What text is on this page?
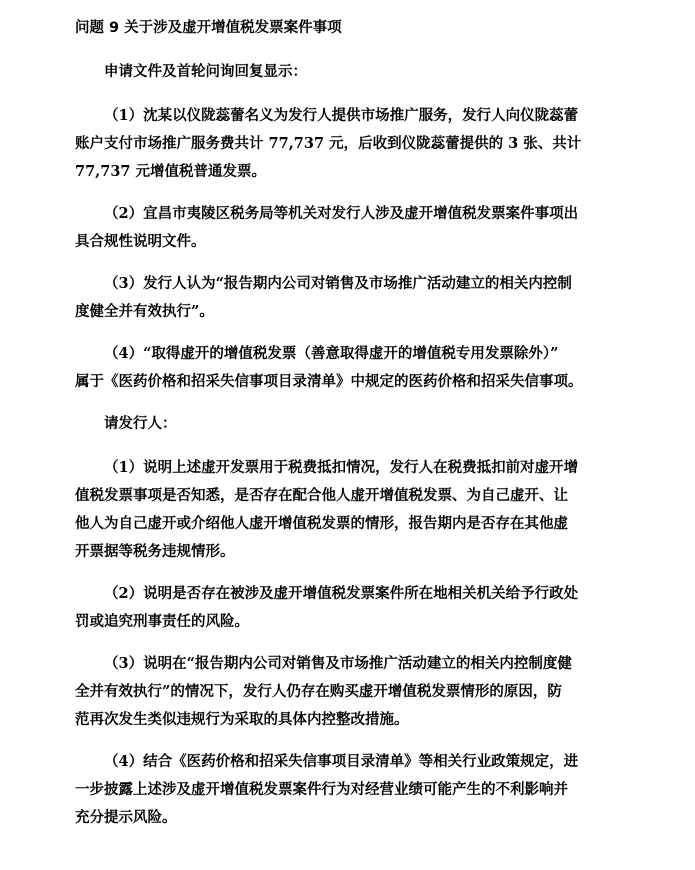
问题 9 关于涉及虚开增值税发票案件事项
申请文件及首轮问询回复显示：
（1）沈某以仪陇蕊蕾名义为发行人提供市场推广服务，发行人向仪陇蕊蕾
账户支付市场推广服务费共计 77,737 元，后收到仪陇蕊蕾提供的 3 张、共计
77,737 元增值税普通发票。
（2）宜昌市夷陵区税务局等机关对发行人涉及虚开增值税发票案件事项出
具合规性说明文件。
（3）发行人认为“报告期内公司对销售及市场推广活动建立的相关内控制
度健全并有效执行”。
（4）“取得虚开的增值税发票（善意取得虚开的增值税专用发票除外）”
属于《医药价格和招采失信事项目录清单》中规定的医药价格和招采失信事项。
请发行人：
（1）说明上述虚开发票用于税费抵扣情况，发行人在税费抵扣前对虚开增
值税发票事项是否知悉，是否存在配合他人虚开增值税发票、为自己虚开、让
他人为自己虚开或介绍他人虚开增值税发票的情形，报告期内是否存在其他虚
开票据等税务违规情形。
（2）说明是否存在被涉及虚开增值税发票案件所在地相关机关给予行政处
罚或追究刑事责任的风险。
（3）说明在“报告期内公司对销售及市场推广活动建立的相关内控制度健
全并有效执行”的情况下，发行人仍存在购买虚开增值税发票情形的原因，防
范再次发生类似违规行为采取的具体内控整改措施。
（4）结合《医药价格和招采失信事项目录清单》等相关行业政策规定，进
一步披露上述涉及虚开增值税发票案件行为对经营业绩可能产生的不利影响并
充分提示风险。
